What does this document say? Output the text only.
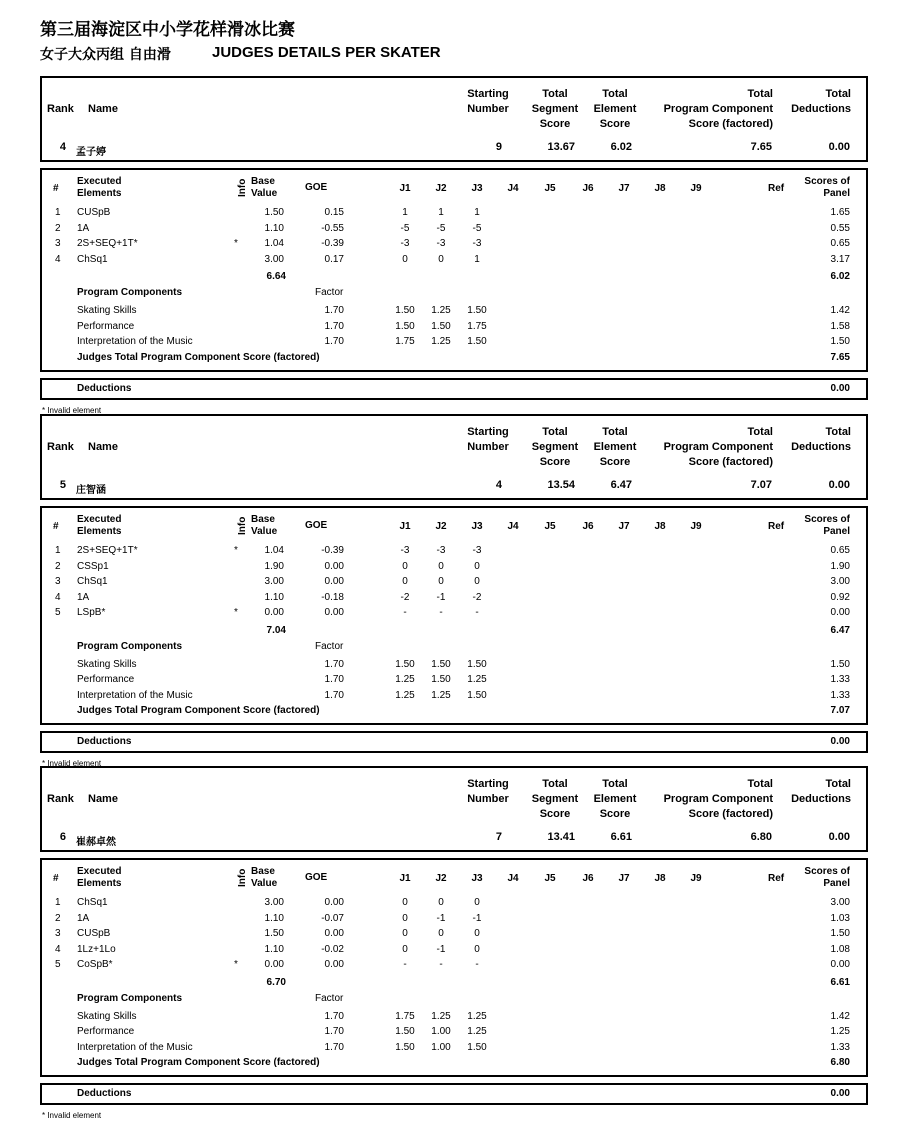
第三届海淀区中小学花样滑冰比赛
女子大众丙组 自由滑	JUDGES DETAILS PER SKATER
Rank Name
Starting
Number
Total
Segment
Score
Total
Element
Score
Total
Program Component
Score (factored)
Total
Deductions
4 孟子婷	9	13.67	6.02	7.65	0.00
#
Executed
Elements	Info Base
Value
GOE	J1	J2	J3	J4	J5	J6	J7	J8	J9	Ref
Scores of
Panel
1 CUSpB	1.50	0.15	1	1	1	1.65
2 1A	1.10	-0.55	-5	-5	-5	0.55
3 2S+SEQ+1T*	*	1.04	-0.39	-3	-3	-3	0.65
4 ChSq1	3.00	0.17	0	0	1	3.17
6.64	6.02
Program Components	Factor
Skating Skills	1.70	1.50	1.25	1.50	1.42
Performance	1.70	1.50	1.50	1.75	1.58
Interpretation of the Music	1.70	1.75	1.25	1.50	1.50
Judges Total Program Component Score (factored)	7.65
Deductions	0.00
* Invalid element
Rank Name
Starting
Number
Total
Segment
Score
Total
Element
Score
Total
Program Component
Score (factored)
Total
Deductions
5 庄智涵	4	13.54	6.47	7.07	0.00
#
Executed
Elements	Info Base
Value
GOE	J1	J2	J3	J4	J5	J6	J7	J8	J9	Ref
Scores of
Panel
1 2S+SEQ+1T*	*	1.04	-0.39	-3	-3	-3	0.65
2 CSSp1	1.90	0.00	0	0	0	1.90
3 ChSq1	3.00	0.00	0	0	0	3.00
4 1A	1.10	-0.18	-2	-1	-2	0.92
5 LSpB*	*	0.00	0.00	-	-	-	0.00
7.04	6.47
Program Components	Factor
Skating Skills	1.70	1.50	1.50	1.50	1.50
Performance	1.70	1.25	1.50	1.25	1.33
Interpretation of the Music	1.70	1.25	1.25	1.50	1.33
Judges Total Program Component Score (factored)	7.07
Deductions	0.00
* Invalid element
Rank Name
Starting
Number
Total
Segment
Score
Total
Element
Score
Total
Program Component
Score (factored)
Total
Deductions
6 崔郝卓然	7	13.41	6.61	6.80	0.00
#
Executed
Elements	Info Base
Value
GOE	J1	J2	J3	J4	J5	J6	J7	J8	J9	Ref
Scores of
Panel
1 ChSq1	3.00	0.00	0	0	0	3.00
2 1A	1.10	-0.07	0	-1	-1	1.03
3 CUSpB	1.50	0.00	0	0	0	1.50
4 1Lz+1Lo	1.10	-0.02	0	-1	0	1.08
5 CoSpB*	*	0.00	0.00	-	-	-	0.00
6.70	6.61
Program Components	Factor
Skating Skills	1.70	1.75	1.25	1.25	1.42
Performance	1.70	1.50	1.00	1.25	1.25
Interpretation of the Music	1.70	1.50	1.00	1.50	1.33
Judges Total Program Component Score (factored)	6.80
Deductions	0.00
* Invalid element
